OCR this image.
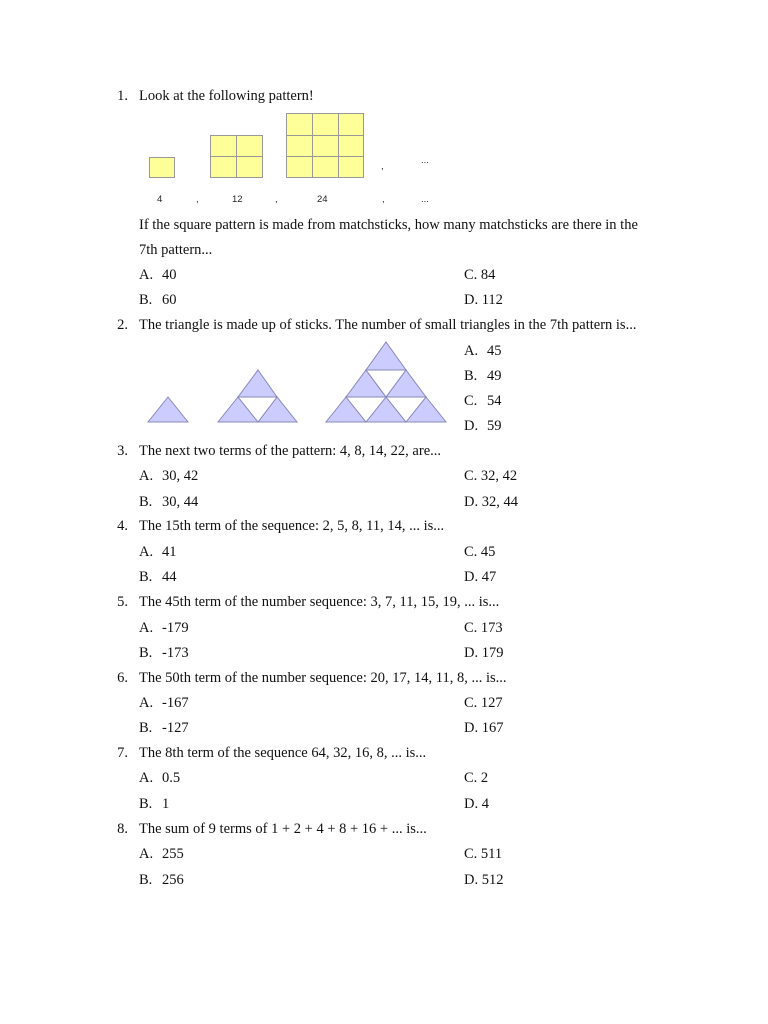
1. Look at the following pattern!
,
...
4	,	12	,	24	,	...
If the square pattern is made from matchsticks, how many matchsticks are there in the
7th pattern...
A. 40	C. 84
B. 60	D. 112
2. The triangle is made up of sticks. The number of small triangles in the 7th pattern is...
A. 45
B. 49
C. 54
D. 59
3. The next two terms of the pattern: 4, 8, 14, 22, are...
A. 30, 42	C. 32, 42
B. 30, 44	D. 32, 44
4. The 15th term of the sequence: 2, 5, 8, 11, 14, ... is...
A. 41	C. 45
B. 44	D. 47
5. The 45th term of the number sequence: 3, 7, 11, 15, 19, ... is...
A. -179	C. 173
B. -173	D. 179
6. The 50th term of the number sequence: 20, 17, 14, 11, 8, ... is...
A. -167	C. 127
B. -127	D. 167
7. The 8th term of the sequence 64, 32, 16, 8, ... is...
A. 0.5	C. 2
B. 1	D. 4
8. The sum of 9 terms of 1 + 2 + 4 + 8 + 16 + ... is...
A. 255	C. 511
B. 256	D. 512
